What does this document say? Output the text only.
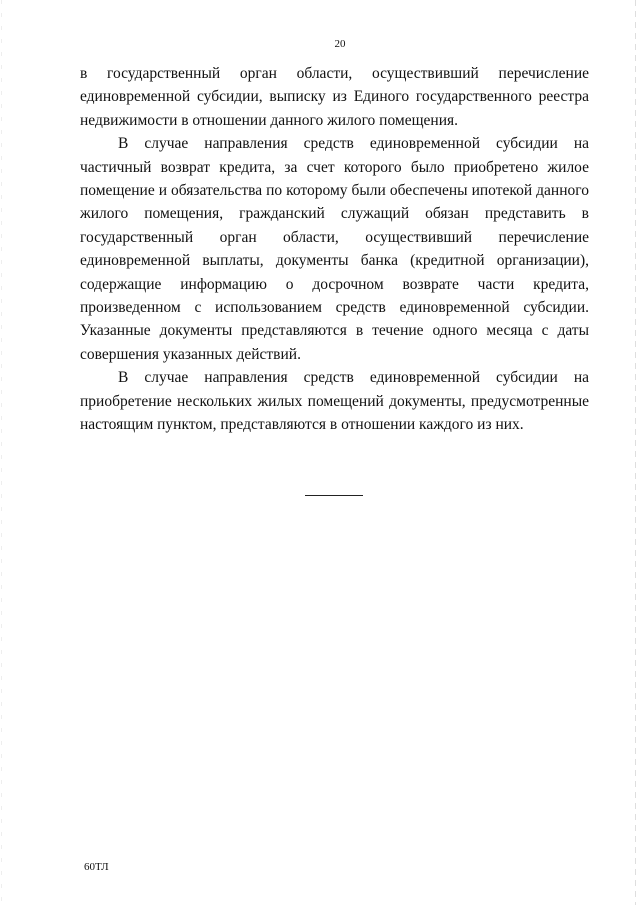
20

в государственный орган области, осуществивший перечисление единовременной субсидии, выписку из Единого государственного реестра недвижимости в отношении данного жилого помещения.

В случае направления средств единовременной субсидии на частичный возврат кредита, за счет которого было приобретено жилое помещение и обязательства по которому были обеспечены ипотекой данного жилого помещения, гражданский служащий обязан представить в государственный орган области, осуществивший перечисление единовременной выплаты, документы банка (кредитной организации), содержащие информацию о досрочном возврате части кредита, произведенном с использованием средств единовременной субсидии. Указанные документы представляются в течение одного месяца с даты совершения указанных действий.

В случае направления средств единовременной субсидии на приобретение нескольких жилых помещений документы, предусмотренные настоящим пунктом, представляются в отношении каждого из них.

60ТЛ
